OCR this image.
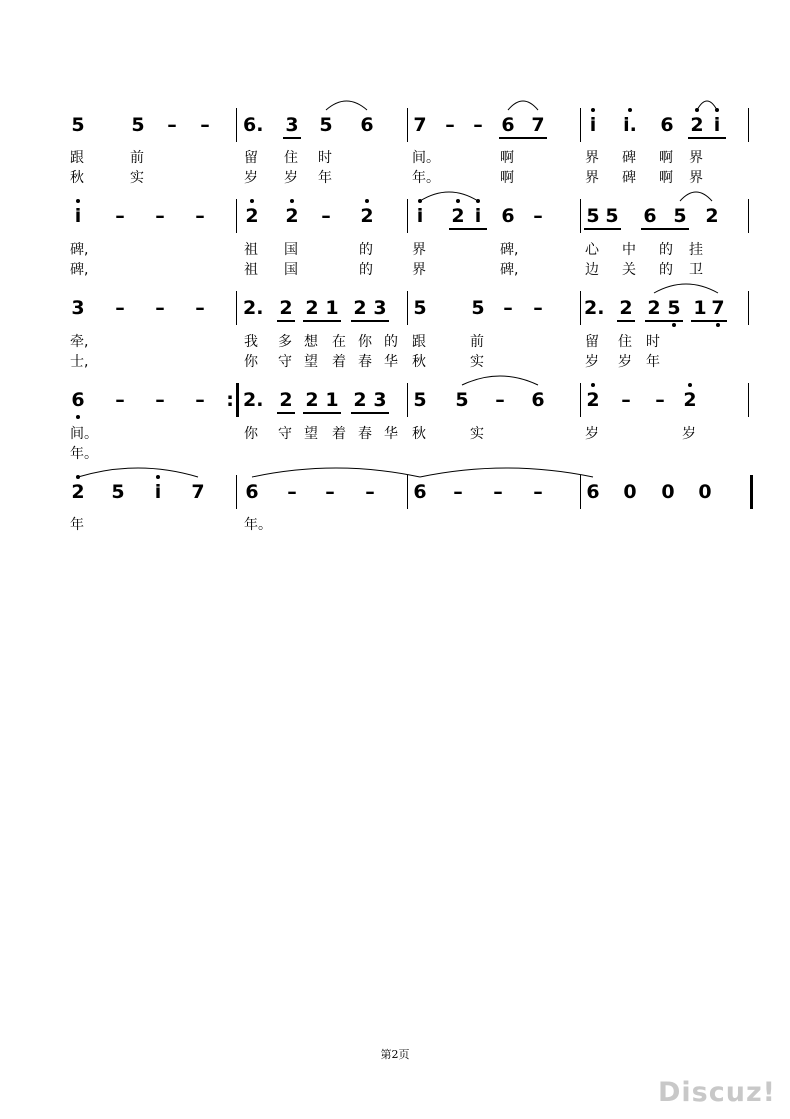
5 5 – – 6. 3 5 6 7 – – 6 7	i	i. 6 2 i
跟	前	留 住 时	间。	啊	界 碑 啊 界
秋	实	岁 岁 年	年。	啊	界 碑 啊 界
i	– – – 2 2 – 2	i	2 i	6 – 5 5 6 5 2
碑,	祖 国	的	界	碑,	心 中 的 挂
碑,	祖 国	的	界	碑,	边 关 的 卫
3 – – – 2. 2 2 1 2 3 5 5 – – 2. 2 2 5 1 7
牵,	我 多 想 在 你 的 跟	前	留 住 时
士,	你 守 望 着 春 华 秋	实	岁 岁 年
6 – – – : 2. 2 2 1 2 3 5 5 – 6 2 – – 2
间。	你 守 望 着 春 华 秋	实	岁	岁
年。
2 5	i	7 6 – – – 6 – – – 6 0 0 0
年	年。
第2页
Discuz!
